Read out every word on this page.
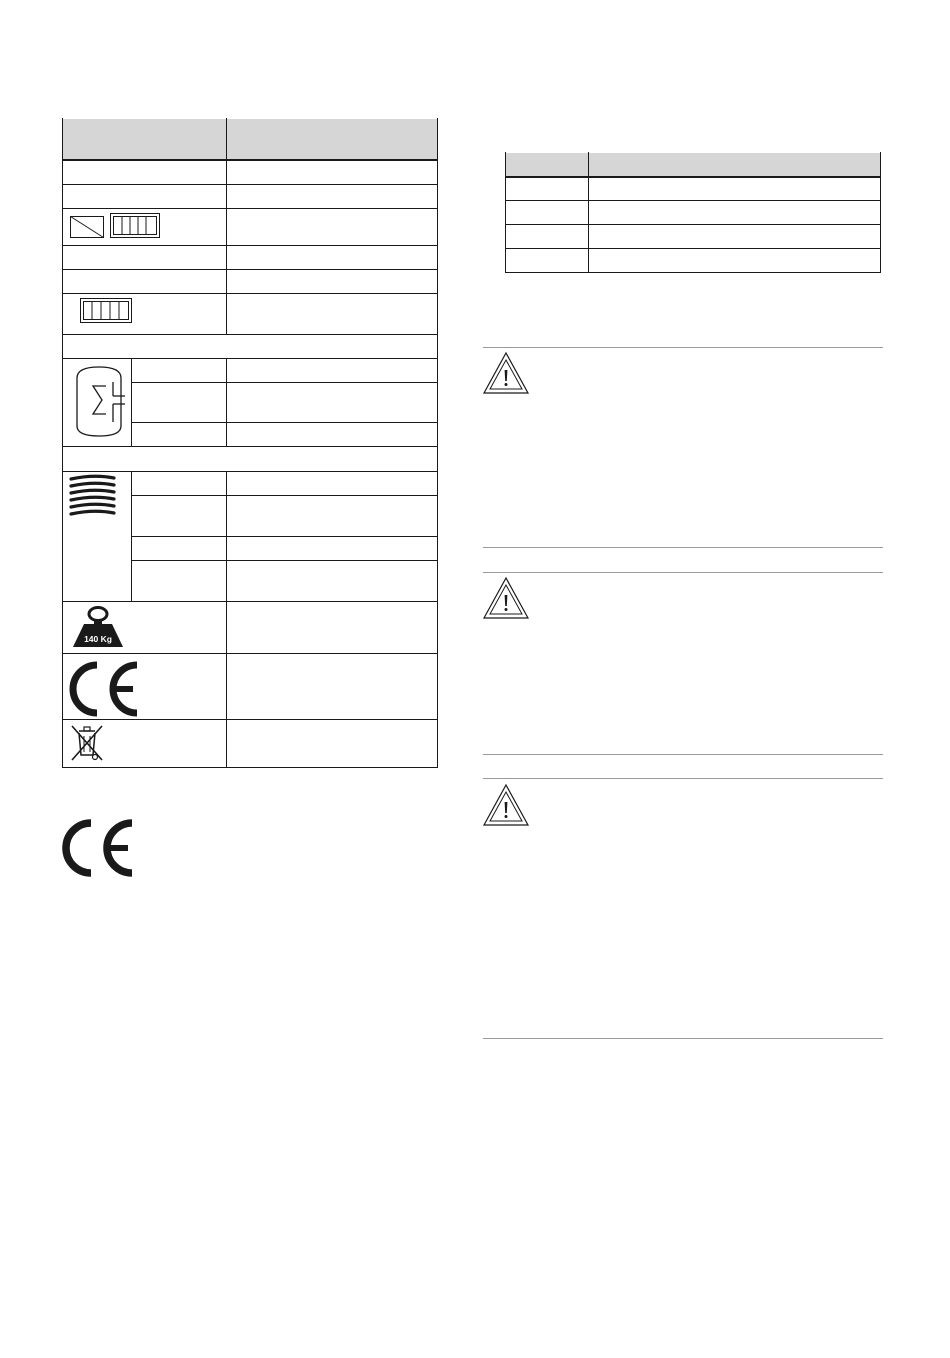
140 Kg
